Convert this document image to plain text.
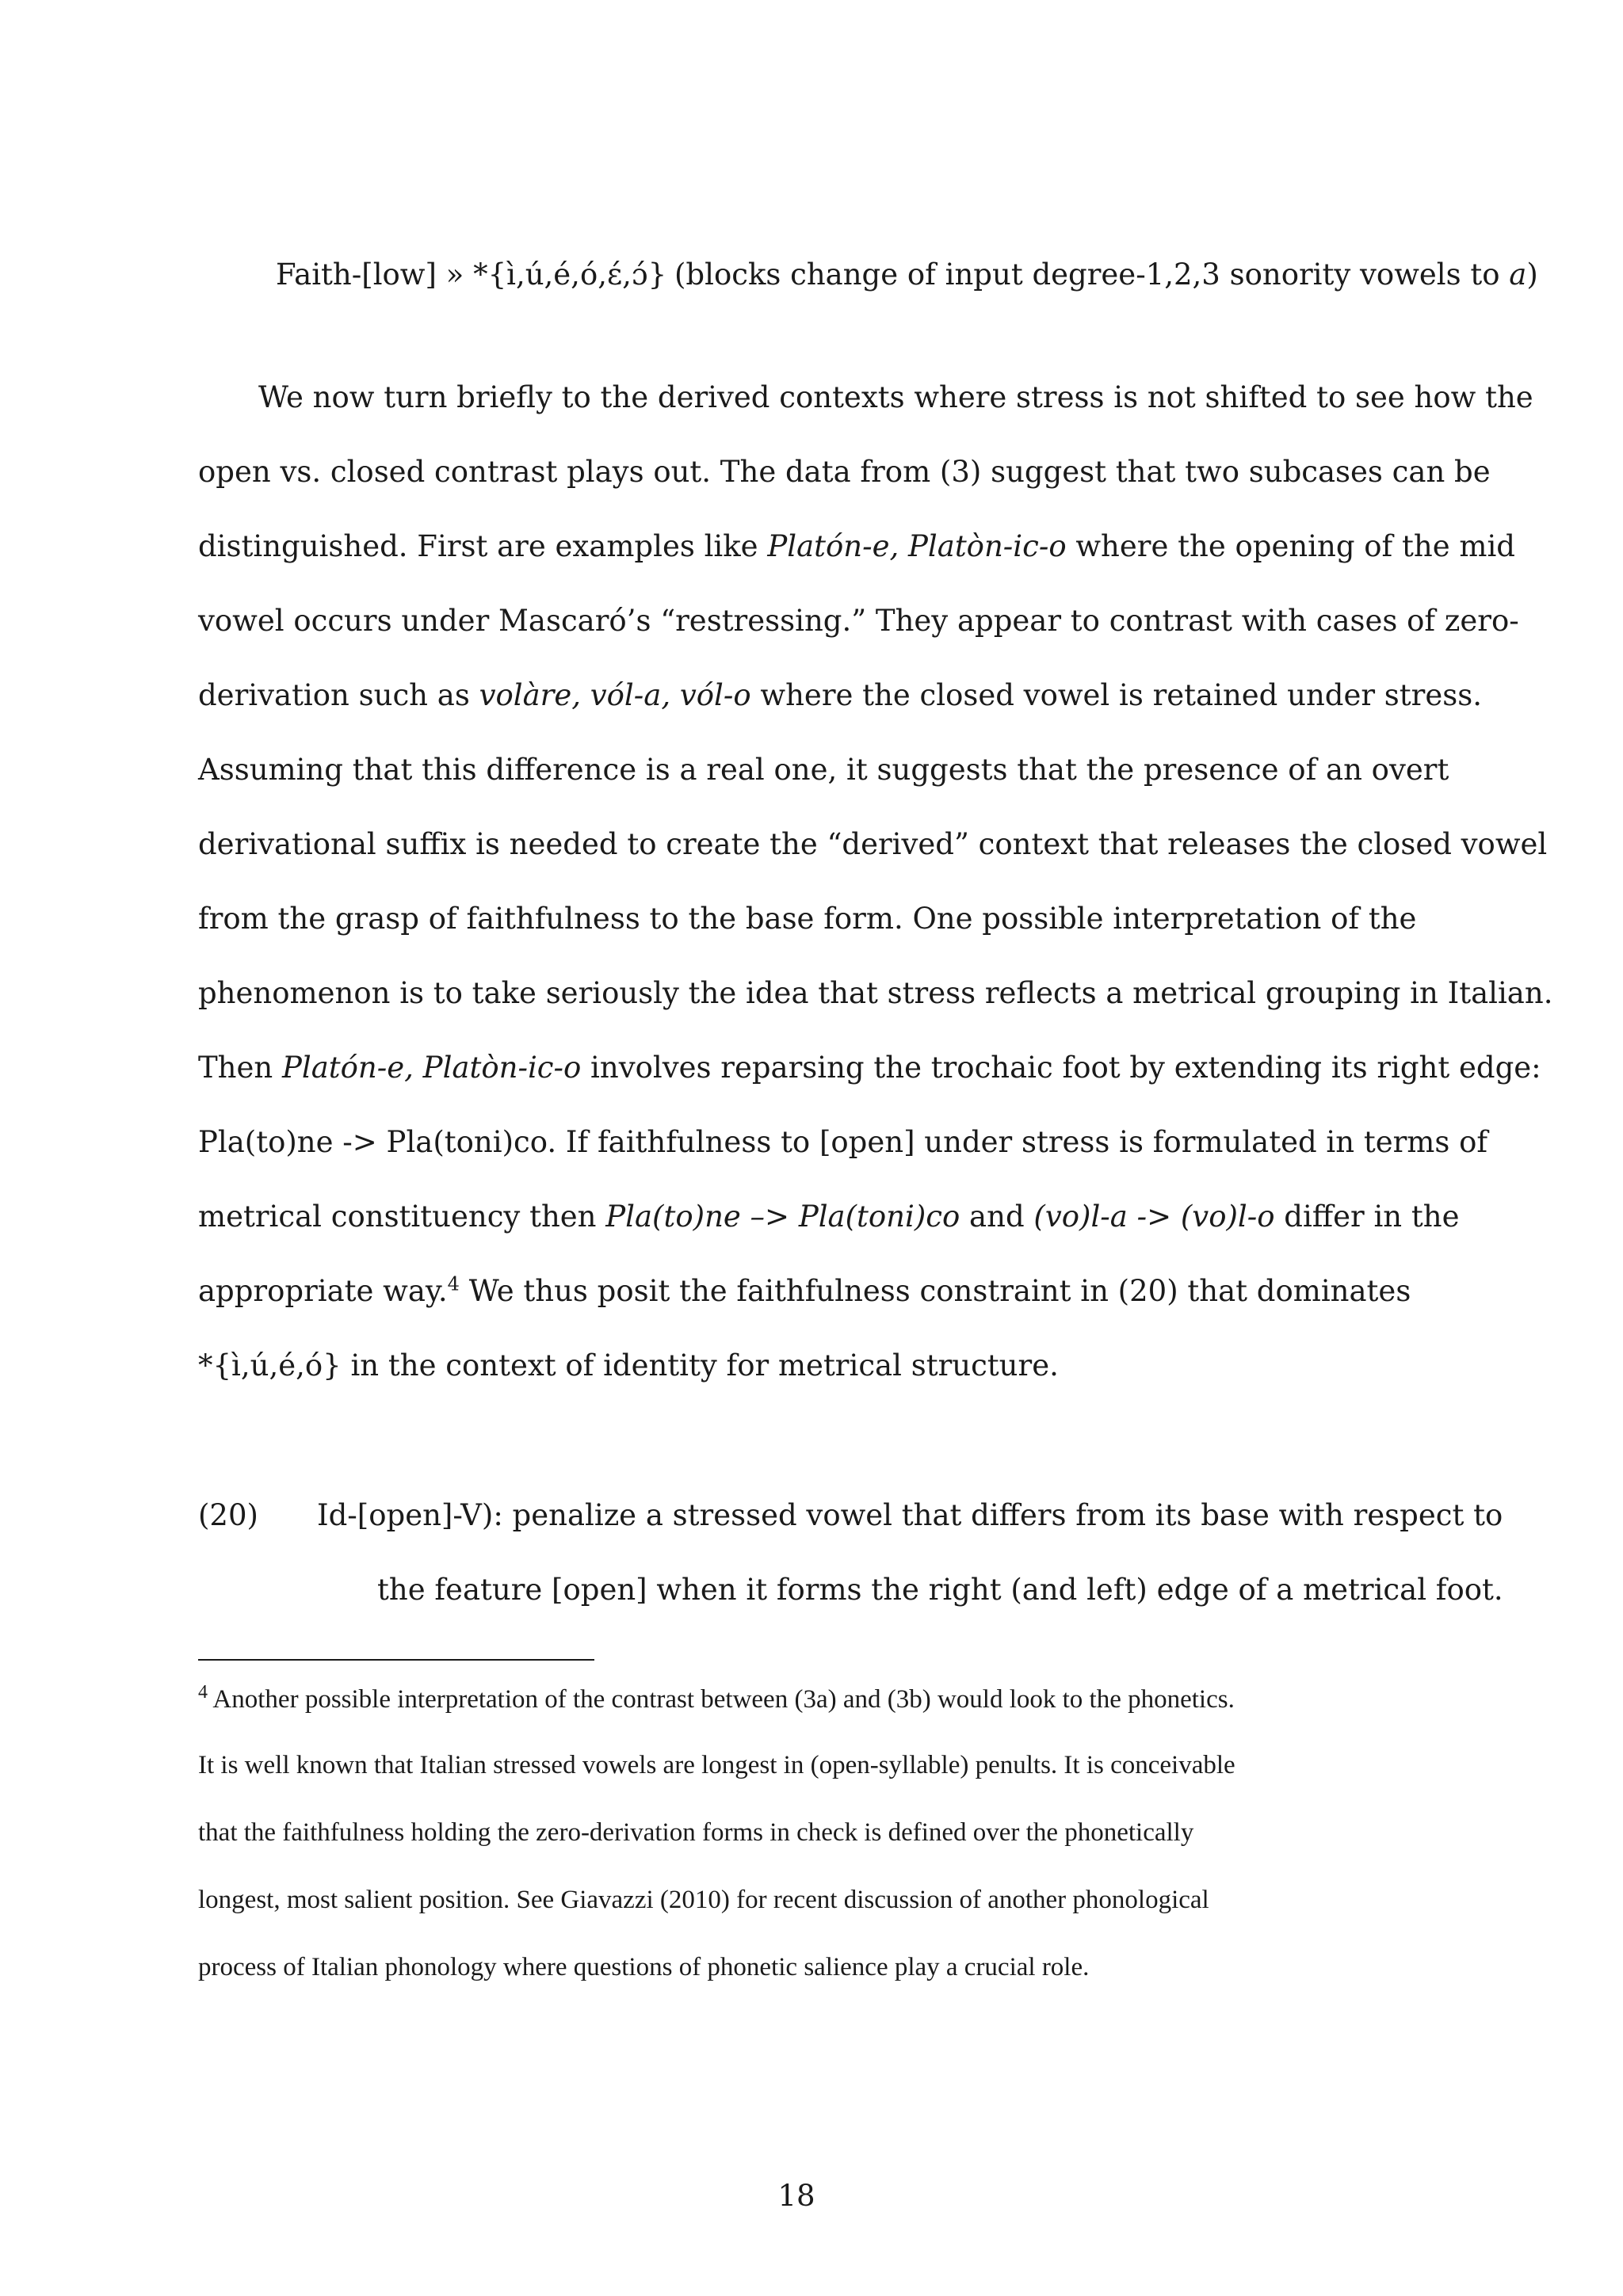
Faith-[low] » *{ì,ú,é,ó,ɛ́,ɔ́} (blocks change of input degree-1,2,3 sonority vowels to a)
We now turn briefly to the derived contexts where stress is not shifted to see how the
open vs. closed contrast plays out. The data from (3) suggest that two subcases can be
distinguished. First are examples like Platón-e, Platòn-ic-o where the opening of the mid
vowel occurs under Mascaró’s “restressing.” They appear to contrast with cases of zero-
derivation such as volàre, vól-a, vól-o where the closed vowel is retained under stress.
Assuming that this difference is a real one, it suggests that the presence of an overt
derivational suffix is needed to create the “derived” context that releases the closed vowel
from the grasp of faithfulness to the base form. One possible interpretation of the
phenomenon is to take seriously the idea that stress reflects a metrical grouping in Italian.
Then Platón-e, Platòn-ic-o involves reparsing the trochaic foot by extending its right edge:
Pla(to)ne -> Pla(toni)co. If faithfulness to [open] under stress is formulated in terms of
metrical constituency then Pla(to)ne –> Pla(toni)co and (vo)l-a -> (vo)l-o differ in the
appropriate way.$^4$ We thus posit the faithfulness constraint in (20) that dominates
*{ì,ú,é,ó} in the context of identity for metrical structure.
(20) Id-[open]-V): penalize a stressed vowel that differs from its base with respect to
the feature [open] when it forms the right (and left) edge of a metrical foot.
$^4$ Another possible interpretation of the contrast between (3a) and (3b) would look to the phonetics.
It is well known that Italian stressed vowels are longest in (open-syllable) penults. It is conceivable
that the faithfulness holding the zero-derivation forms in check is defined over the phonetically
longest, most salient position. See Giavazzi (2010) for recent discussion of another phonological
process of Italian phonology where questions of phonetic salience play a crucial role.
18
